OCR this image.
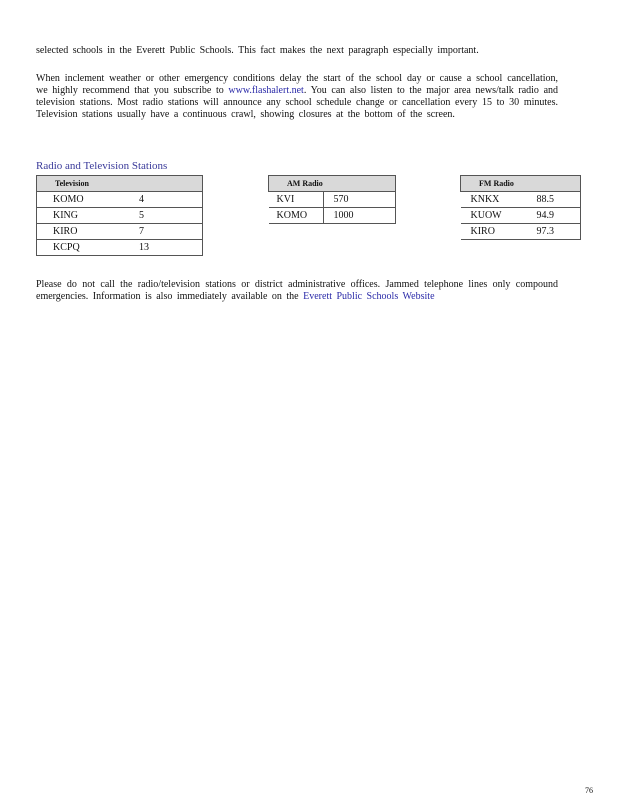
selected schools in the Everett Public Schools. This fact makes the next paragraph especially important.

When inclement weather or other emergency conditions delay the start of the school day or cause a school cancellation, we highly recommend that you subscribe to www.flashalert.net. You can also listen to the major area news/talk radio and television stations. Most radio stations will announce any school schedule change or cancellation every 15 to 30 minutes. Television stations usually have a continuous crawl, showing closures at the bottom of the screen.

Radio and Television Stations

Television	
KOMO	4
KING	5
KIRO	7
KCPQ	13
AM Radio	
KVI	570
KOMO	1000
FM Radio	
KNKX	88.5
KUOW	94.9
KIRO	97.3

Please do not call the radio/television stations or district administrative offices. Jammed telephone lines only compound emergencies. Information is also immediately available on the Everett Public Schools Website

76
